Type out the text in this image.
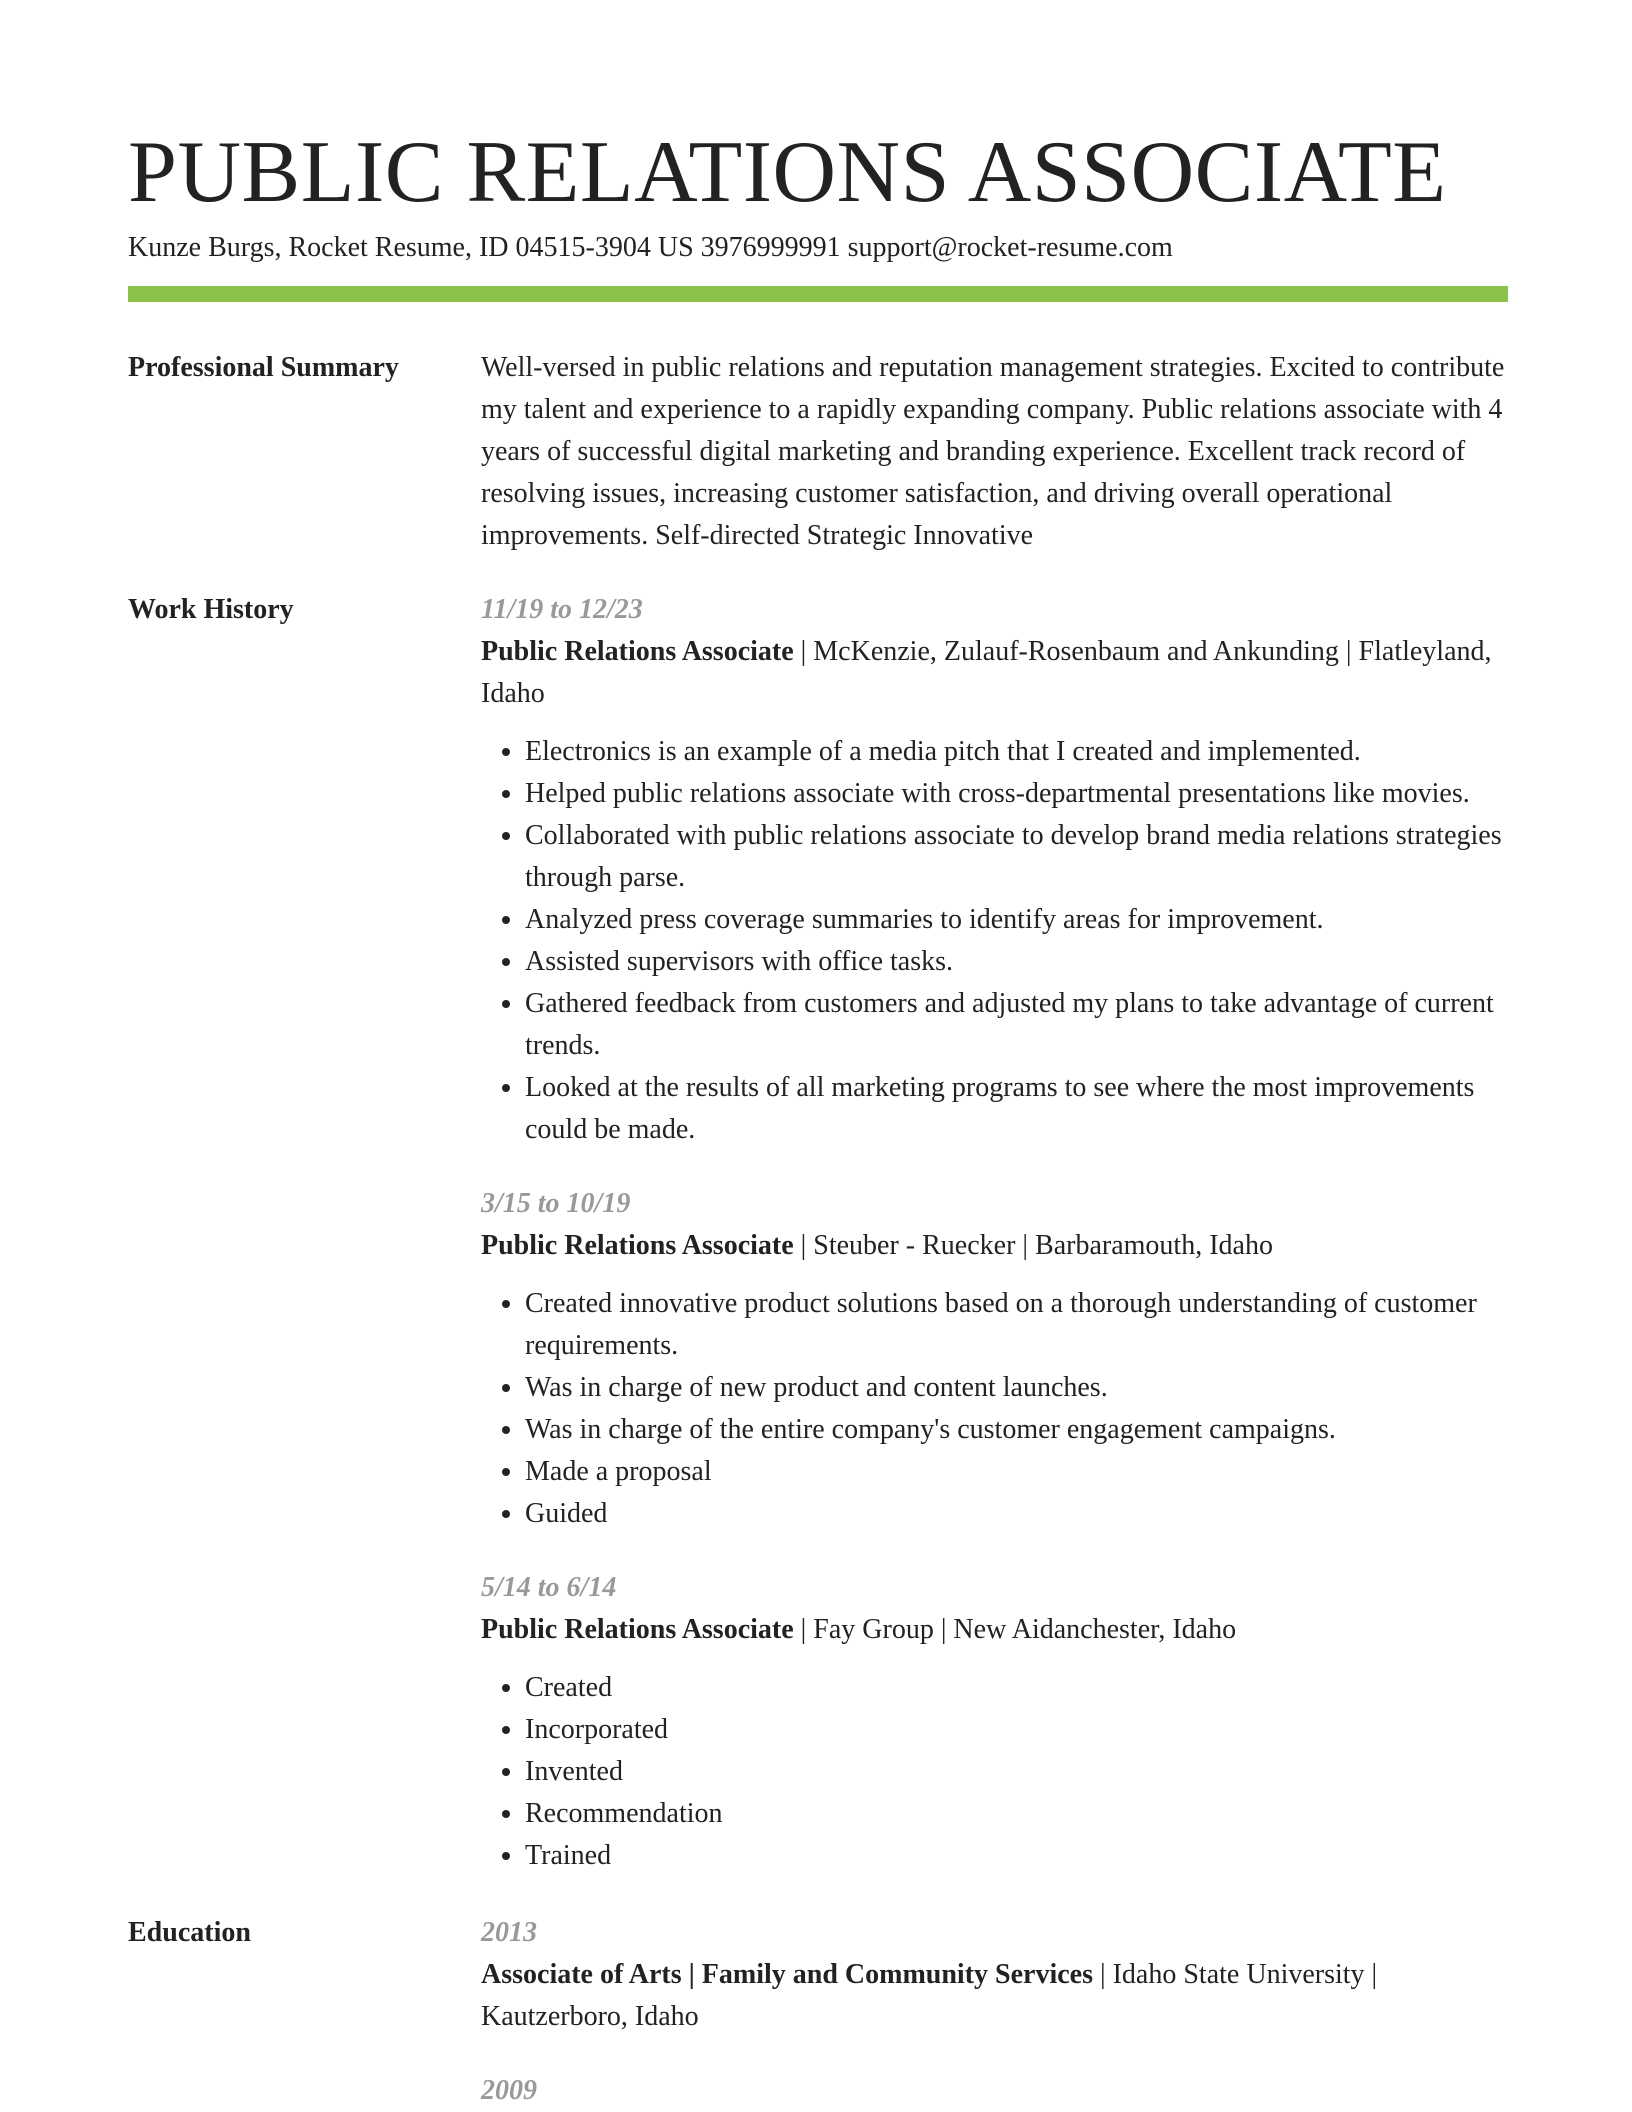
PUBLIC RELATIONS ASSOCIATE
Kunze Burgs, Rocket Resume, ID 04515-3904 US 3976999991 support@rocket-resume.com
Professional Summary	Well-versed in public relations and reputation management strategies. Excited to contribute my talent and experience to a rapidly expanding company. Public relations associate with 4 years of successful digital marketing and branding experience. Excellent track record of resolving issues, increasing customer satisfaction, and driving overall operational improvements. Self-directed Strategic Innovative

Work History	11/19 to 12/23

Public Relations Associate | McKenzie, Zulauf-Rosenbaum and Ankunding | Flatleyland, Idaho

• Electronics is an example of a media pitch that I created and implemented.
• Helped public relations associate with cross-departmental presentations like movies.
• Collaborated with public relations associate to develop brand media relations strategies through parse.
• Analyzed press coverage summaries to identify areas for improvement.
• Assisted supervisors with office tasks.
• Gathered feedback from customers and adjusted my plans to take advantage of current trends.
• Looked at the results of all marketing programs to see where the most improvements could be made.

3/15 to 10/19

Public Relations Associate | Steuber - Ruecker | Barbaramouth, Idaho

• Created innovative product solutions based on a thorough understanding of customer requirements.
• Was in charge of new product and content launches.
• Was in charge of the entire company's customer engagement campaigns.
• Made a proposal
• Guided

5/14 to 6/14

Public Relations Associate | Fay Group | New Aidanchester, Idaho

• Created
• Incorporated
• Invented
• Recommendation
• Trained
Education	2013

Associate of Arts | Family and Community Services | Idaho State University | Kautzerboro, Idaho

2009
